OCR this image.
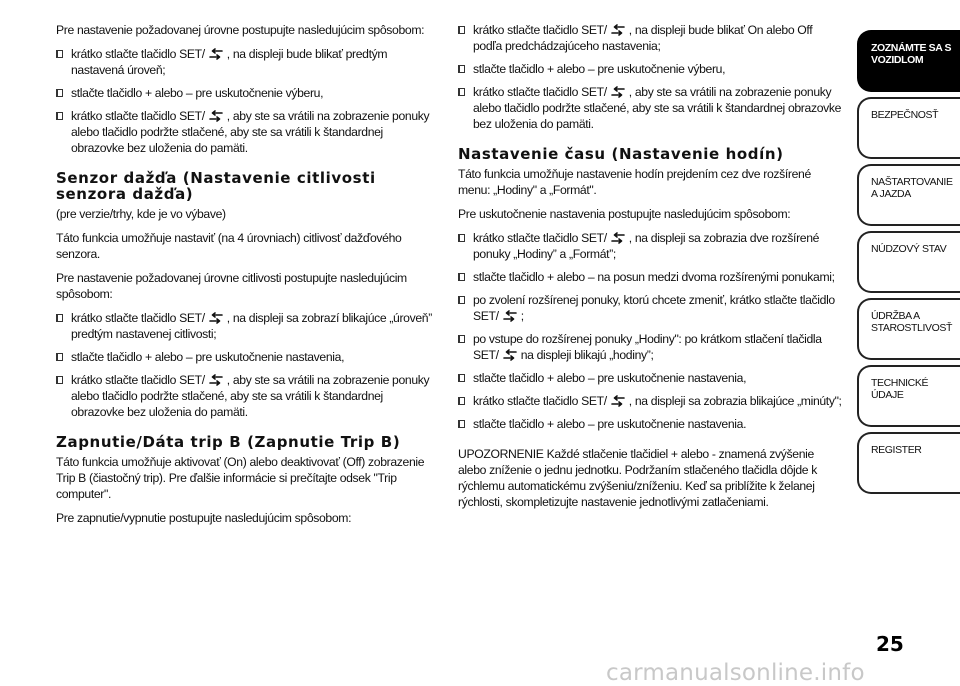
Pre nastavenie požadovanej úrovne postupujte nasledujúcim spôsobom:

krátko stlačte tlačidlo SET/ , na displeji bude blikať predtým nastavená úroveň;
stlačte tlačidlo + alebo – pre uskutočnenie výberu,
krátko stlačte tlačidlo SET/ , aby ste sa vrátili na zobrazenie ponuky alebo tlačidlo podržte stlačené, aby ste sa vrátili k štandardnej obrazovke bez uloženia do pamäti.
Senzor dažďa (Nastavenie citlivosti senzora dažďa)

(pre verzie/trhy, kde je vo výbave)

Táto funkcia umožňuje nastaviť (na 4 úrovniach) citlivosť dažďového senzora.

Pre nastavenie požadovanej úrovne citlivosti postupujte nasledujúcim spôsobom:

krátko stlačte tlačidlo SET/ , na displeji sa zobrazí blikajúce „úroveň” predtým nastavenej citlivosti;
stlačte tlačidlo + alebo – pre uskutočnenie nastavenia,
krátko stlačte tlačidlo SET/ , aby ste sa vrátili na zobrazenie ponuky alebo tlačidlo podržte stlačené, aby ste sa vrátili k štandardnej obrazovke bez uloženia do pamäti.
Zapnutie/Dáta trip B (Zapnutie Trip B)

Táto funkcia umožňuje aktivovať (On) alebo deaktivovať (Off) zobrazenie Trip B (čiastočný trip). Pre ďalšie informácie si prečítajte odsek "Trip computer".

Pre zapnutie/vypnutie postupujte nasledujúcim spôsobom:

krátko stlačte tlačidlo SET/ , na displeji bude blikať On alebo Off podľa predchádzajúceho nastavenia;
stlačte tlačidlo + alebo – pre uskutočnenie výberu,
krátko stlačte tlačidlo SET/ , aby ste sa vrátili na zobrazenie ponuky alebo tlačidlo podržte stlačené, aby ste sa vrátili k štandardnej obrazovke bez uloženia do pamäti.
Nastavenie času (Nastavenie hodín)

Táto funkcia umožňuje nastavenie hodín prejdením cez dve rozšírené menu: „Hodiny" a „Formát".

Pre uskutočnenie nastavenia postupujte nasledujúcim spôsobom:

krátko stlačte tlačidlo SET/ , na displeji sa zobrazia dve rozšírené ponuky „Hodiny” a „Formát”;
stlačte tlačidlo + alebo – na posun medzi dvoma rozšírenými ponukami;
po zvolení rozšírenej ponuky, ktorú chcete zmeniť, krátko stlačte tlačidlo SET/ ;
po vstupe do rozšírenej ponuky „Hodiny": po krátkom stlačení tlačidla SET/ na displeji blikajú „hodiny”;
stlačte tlačidlo + alebo – pre uskutočnenie nastavenia,
krátko stlačte tlačidlo SET/ , na displeji sa zobrazia blikajúce „minúty";
stlačte tlačidlo + alebo – pre uskutočnenie nastavenia.

UPOZORNENIE Každé stlačenie tlačidiel + alebo - znamená zvýšenie alebo zníženie o jednu jednotku. Podržaním stlačeného tlačidla dôjde k rýchlemu automatickému zvýšeniu/zníženiu. Keď sa priblížite k želanej rýchlosti, skompletizujte nastavenie jednotlivými zatlačeniami.

ZOZNÁMTE SA S VOZIDLOM
BEZPEČNOSŤ
NAŠTARTOVANIE A JAZDA
NÚDZOVÝ STAV
ÚDRŽBA A STAROSTLIVOSŤ
TECHNICKÉ ÚDAJE
REGISTER
25
carmanualsonline.info
